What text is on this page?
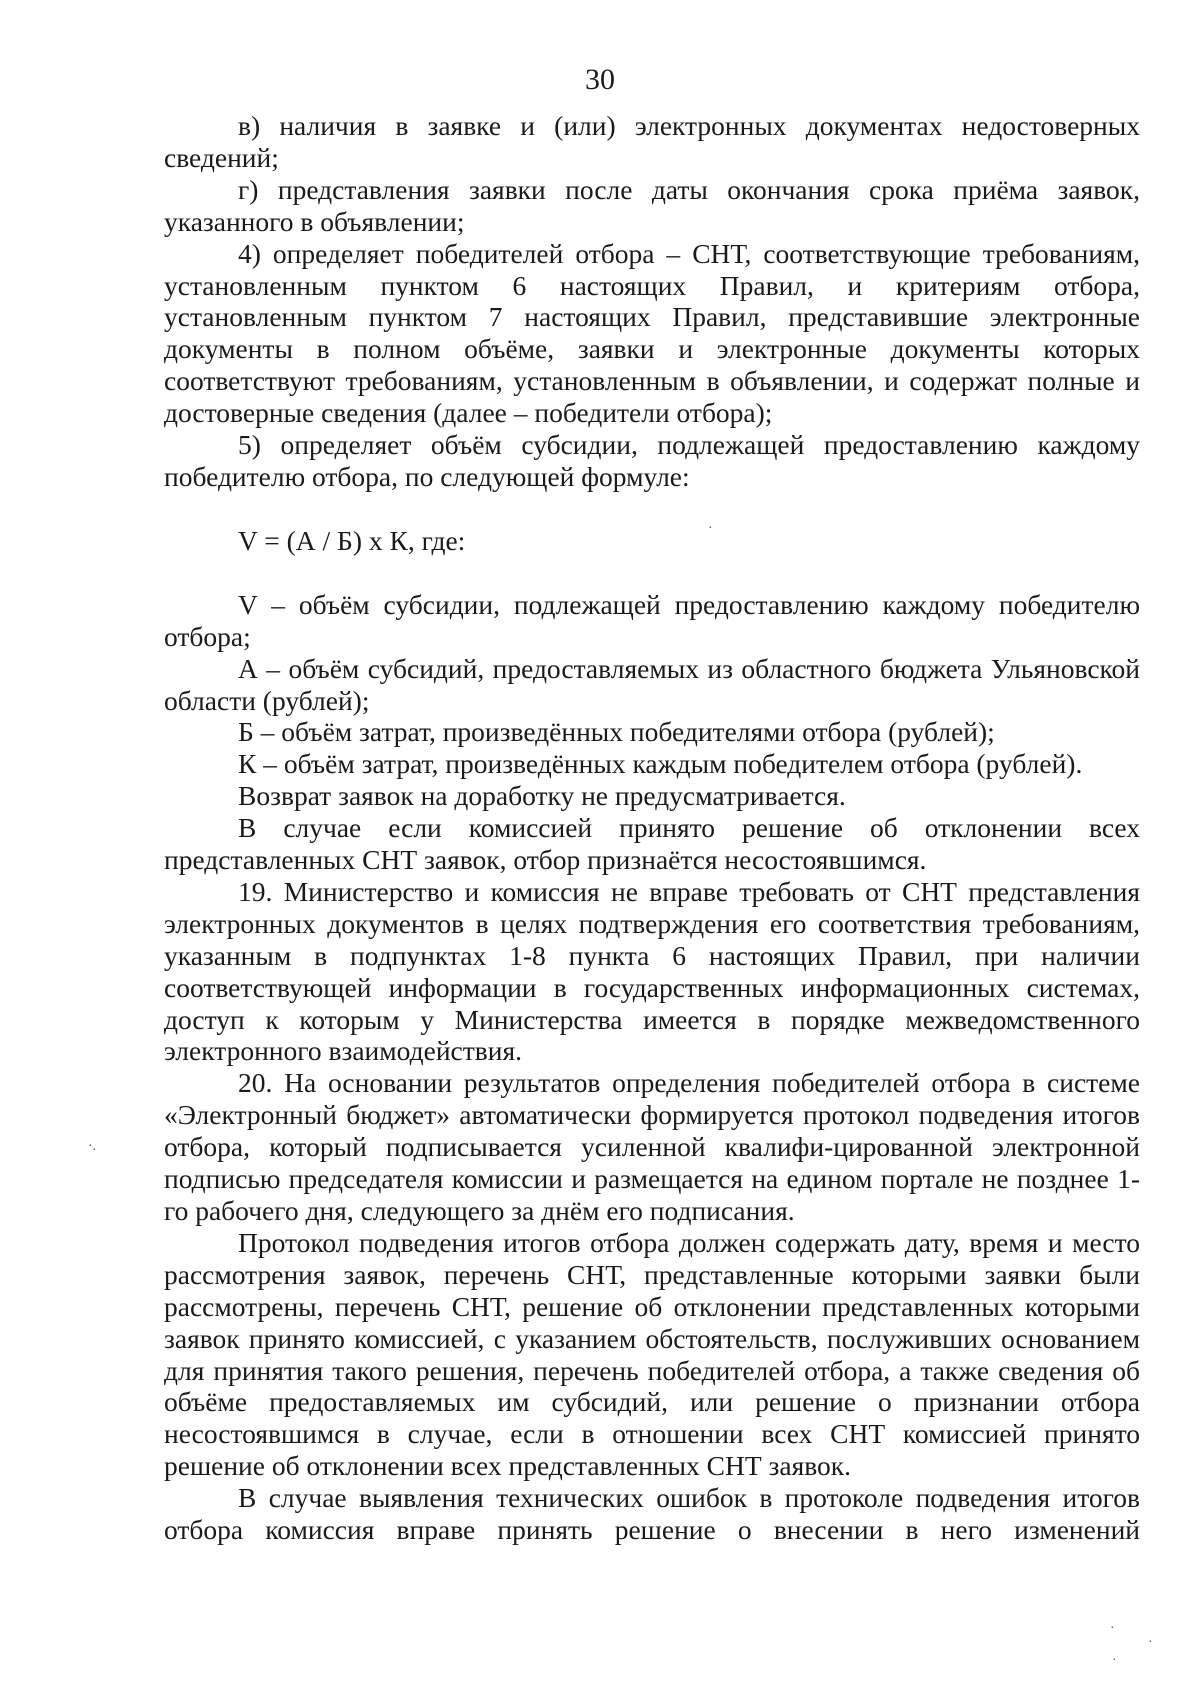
30

в) наличия в заявке и (или) электронных документах недостоверных сведений;

г) представления заявки после даты окончания срока приёма заявок, указанного в объявлении;

4) определяет победителей отбора – СНТ, соответствующие требованиям, установленным пунктом 6 настоящих Правил, и критериям отбора, установленным пунктом 7 настоящих Правил, представившие электронные документы в полном объёме, заявки и электронные документы которых соответствуют требованиям, установленным в объявлении, и содержат полные и достоверные сведения (далее – победители отбора);

5) определяет объём субсидии, подлежащей предоставлению каждому победителю отбора, по следующей формуле:

V = (А / Б) х К, где:

V – объём субсидии, подлежащей предоставлению каждому победителю отбора;

А – объём субсидий, предоставляемых из областного бюджета Ульяновской области (рублей);

Б – объём затрат, произведённых победителями отбора (рублей);

К – объём затрат, произведённых каждым победителем отбора (рублей).

Возврат заявок на доработку не предусматривается.

В случае если комиссией принято решение об отклонении всех представленных СНТ заявок, отбор признаётся несостоявшимся.

19. Министерство и комиссия не вправе требовать от СНТ представления электронных документов в целях подтверждения его соответствия требованиям, указанным в подпунктах 1-8 пункта 6 настоящих Правил, при наличии соответствующей информации в государственных информационных системах, доступ к которым у Министерства имеется в порядке межведомственного электронного взаимодействия.

20. На основании результатов определения победителей отбора в системе «Электронный бюджет» автоматически формируется протокол подведения итогов отбора, который подписывается усиленной квалифи-цированной электронной подписью председателя комиссии и размещается на едином портале не позднее 1-го рабочего дня, следующего за днём его подписания.

Протокол подведения итогов отбора должен содержать дату, время и место рассмотрения заявок, перечень СНТ, представленные которыми заявки были рассмотрены, перечень СНТ, решение об отклонении представленных которыми заявок принято комиссией, с указанием обстоятельств, послуживших основанием для принятия такого решения, перечень победителей отбора, а также сведения об объёме предоставляемых им субсидий, или решение о признании отбора несостоявшимся в случае, если в отношении всех СНТ комиссией принято решение об отклонении всех представленных СНТ заявок.

В случае выявления технических ошибок в протоколе подведения итогов отбора комиссия вправе принять решение о внесении в него изменений

·
·.
·
·
·
